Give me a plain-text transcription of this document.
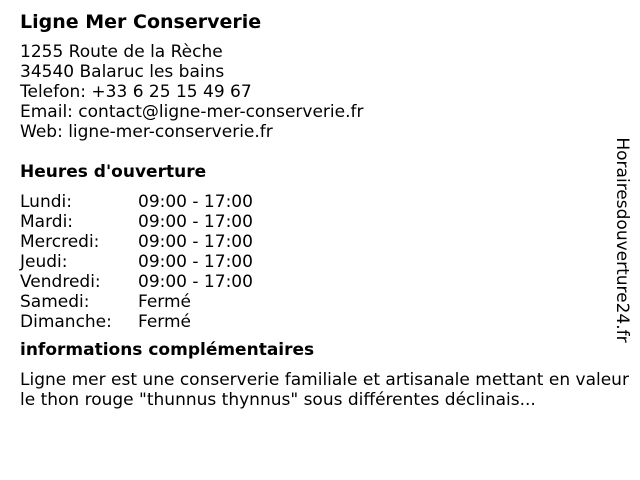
Ligne Mer Conserverie
1255 Route de la Rèche
34540 Balaruc les bains
Telefon: +33 6 25 15 49 67
Email: contact@ligne-mer-conserverie.fr
Web: ligne-mer-conserverie.fr
Heures d'ouverture
Lundi:	09:00 - 17:00
Mardi:	09:00 - 17:00
Mercredi:	09:00 - 17:00
Jeudi:	09:00 - 17:00
Vendredi:	09:00 - 17:00
Samedi:	Fermé
Dimanche:	Fermé
informations complémentaires
Ligne mer est une conserverie familiale et artisanale mettant en valeur le thon rouge "thunnus thynnus" sous différentes déclinais...
Horairesdouverture24.fr
